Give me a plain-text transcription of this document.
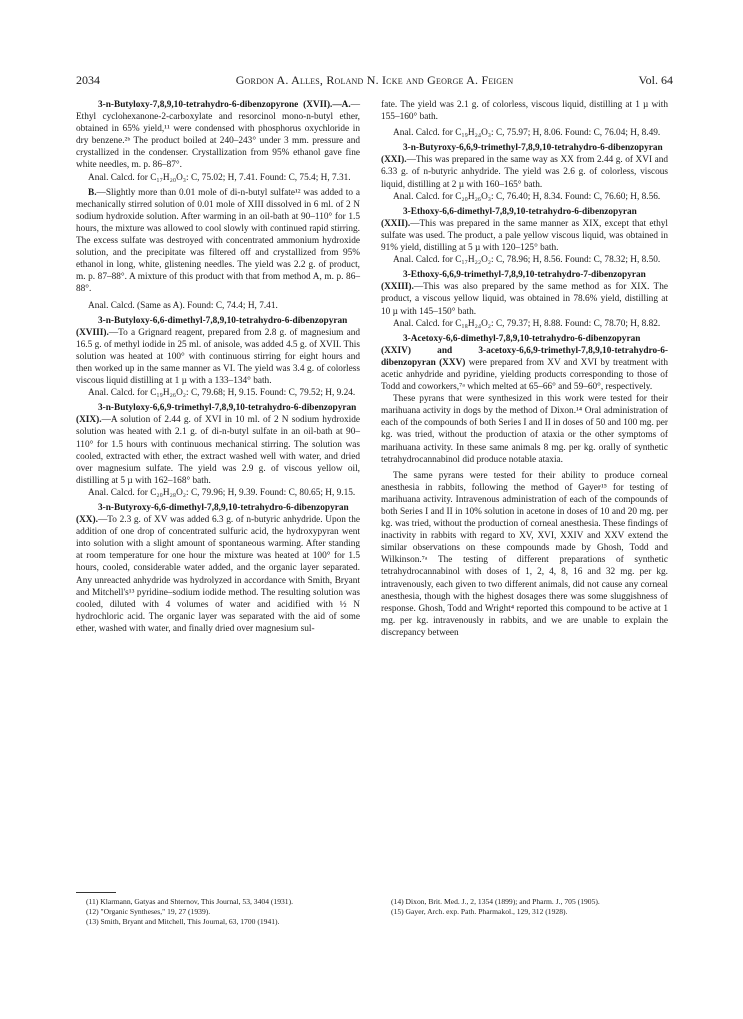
2034	Gordon A. Alles, Roland N. Icke and George A. Feigen	Vol. 64

3-n-Butyloxy-7,8,9,10-tetrahydro-6-dibenzopyrone (XVII).—A.—Ethyl cyclohexanone-2-carboxylate and resorcinol mono-n-butyl ether, obtained in 65% yield,¹¹ were condensed with phosphorus oxychloride in dry benzene.²ᵇ The product boiled at 240–243° under 3 mm. pressure and crystallized in the condenser. Crystallization from 95% ethanol gave fine white needles, m. p. 86–87°.

Anal. Calcd. for C₁₇H₂₀O₃: C, 75.02; H, 7.41. Found: C, 75.4; H, 7.31.

B.—Slightly more than 0.01 mole of di-n-butyl sulfate¹² was added to a mechanically stirred solution of 0.01 mole of XIII dissolved in 6 ml. of 2 N sodium hydroxide solution. After warming in an oil-bath at 90–110° for 1.5 hours, the mixture was allowed to cool slowly with continued rapid stirring. The excess sulfate was destroyed with concentrated ammonium hydroxide solution, and the precipitate was filtered off and crystallized from 95% ethanol in long, white, glistening needles. The yield was 2.2 g. of product, m. p. 87–88°. A mixture of this product with that from method A, m. p. 86–88°.

Anal. Calcd. (Same as A). Found: C, 74.4; H, 7.41.

3-n-Butyloxy-6,6-dimethyl-7,8,9,10-tetrahydro-6-dibenzopyran (XVIII).—To a Grignard reagent, prepared from 2.8 g. of magnesium and 16.5 g. of methyl iodide in 25 ml. of anisole, was added 4.5 g. of XVII. This solution was heated at 100° with continuous stirring for eight hours and then worked up in the same manner as VI. The yield was 3.4 g. of colorless viscous liquid distilling at 1 µ with a 133–134° bath.

Anal. Calcd. for C₁₉H₂₆O₂: C, 79.68; H, 9.15. Found: C, 79.52; H, 9.24.

3-n-Butyloxy-6,6,9-trimethyl-7,8,9,10-tetrahydro-6-dibenzopyran (XIX).—A solution of 2.44 g. of XVI in 10 ml. of 2 N sodium hydroxide solution was heated with 2.1 g. of di-n-butyl sulfate in an oil-bath at 90–110° for 1.5 hours with continuous mechanical stirring. The solution was cooled, extracted with ether, the extract washed well with water, and dried over magnesium sulfate. The yield was 2.9 g. of viscous yellow oil, distilling at 5 µ with 162–168° bath.

Anal. Calcd. for C₂₀H₂₈O₂: C, 79.96; H, 9.39. Found: C, 80.65; H, 9.15.

3-n-Butyroxy-6,6-dimethyl-7,8,9,10-tetrahydro-6-dibenzopyran (XX).—To 2.3 g. of XV was added 6.3 g. of n-butyric anhydride. Upon the addition of one drop of concentrated sulfuric acid, the hydroxypyran went into solution with a slight amount of spontaneous warming. After standing at room temperature for one hour the mixture was heated at 100° for 1.5 hours, cooled, considerable water added, and the organic layer separated. Any unreacted anhydride was hydrolyzed in accordance with Smith, Bryant and Mitchell's¹³ pyridine–sodium iodide method. The resulting solution was cooled, diluted with 4 volumes of water and acidified with ½ N hydrochloric acid. The organic layer was separated with the aid of some ether, washed with water, and finally dried over magnesium sul-

fate. The yield was 2.1 g. of colorless, viscous liquid, distilling at 1 µ with 155–160° bath.

Anal. Calcd. for C₁₉H₂₄O₃: C, 75.97; H, 8.06. Found: C, 76.04; H, 8.49.

3-n-Butyroxy-6,6,9-trimethyl-7,8,9,10-tetrahydro-6-dibenzopyran (XXI).—This was prepared in the same way as XX from 2.44 g. of XVI and 6.33 g. of n-butyric anhydride. The yield was 2.6 g. of colorless, viscous liquid, distilling at 2 µ with 160–165° bath.

Anal. Calcd. for C₂₀H₂₆O₃: C, 76.40; H, 8.34. Found: C, 76.60; H, 8.56.

3-Ethoxy-6,6-dimethyl-7,8,9,10-tetrahydro-6-dibenzopyran (XXII).—This was prepared in the same manner as XIX, except that ethyl sulfate was used. The product, a pale yellow viscous liquid, was obtained in 91% yield, distilling at 5 µ with 120–125° bath.

Anal. Calcd. for C₁₇H₂₂O₂: C, 78.96; H, 8.56. Found: C, 78.32; H, 8.50.

3-Ethoxy-6,6,9-trimethyl-7,8,9,10-tetrahydro-7-dibenzopyran (XXIII).—This was also prepared by the same method as for XIX. The product, a viscous yellow liquid, was obtained in 78.6% yield, distilling at 10 µ with 145–150° bath.

Anal. Calcd. for C₁₈H₂₄O₂: C, 79.37; H, 8.88. Found: C, 78.70; H, 8.82.

3-Acetoxy-6,6-dimethyl-7,8,9,10-tetrahydro-6-dibenzopyran (XXIV) and 3-acetoxy-6,6,9-trimethyl-7,8,9,10-tetrahydro-6-dibenzopyran (XXV) were prepared from XV and XVI by treatment with acetic anhydride and pyridine, yielding products corresponding to those of Todd and coworkers,⁷ᵃ which melted at 65–66° and 59–60°, respectively.

These pyrans that were synthesized in this work were tested for their marihuana activity in dogs by the method of Dixon.¹⁴ Oral administration of each of the compounds of both Series I and II in doses of 50 and 100 mg. per kg. was tried, without the production of ataxia or the other symptoms of marihuana activity. In these same animals 8 mg. per kg. orally of synthetic tetrahydrocannabinol did produce notable ataxia.

The same pyrans were tested for their ability to produce corneal anesthesia in rabbits, following the method of Gayer¹⁵ for testing of marihuana activity. Intravenous administration of each of the compounds of both Series I and II in 10% solution in acetone in doses of 10 and 20 mg. per kg. was tried, without the production of corneal anesthesia. These findings of inactivity in rabbits with regard to XV, XVI, XXIV and XXV extend the similar observations on these compounds made by Ghosh, Todd and Wilkinson.⁷ᵃ The testing of different preparations of synthetic tetrahydrocannabinol with doses of 1, 2, 4, 8, 16 and 32 mg. per kg. intravenously, each given to two different animals, did not cause any corneal anesthesia, though with the highest dosages there was some sluggishness of response. Ghosh, Todd and Wright⁴ reported this compound to be active at 1 mg. per kg. intravenously in rabbits, and we are unable to explain the discrepancy between

(11) Klarmann, Gatyas and Shternov, This Journal, 53, 3404 (1931).

(12) "Organic Syntheses," 19, 27 (1939).

(13) Smith, Bryant and Mitchell, This Journal, 63, 1700 (1941).

(14) Dixon, Brit. Med. J., 2, 1354 (1899); and Pharm. J., 705 (1905).

(15) Gayer, Arch. exp. Path. Pharmakol., 129, 312 (1928).
